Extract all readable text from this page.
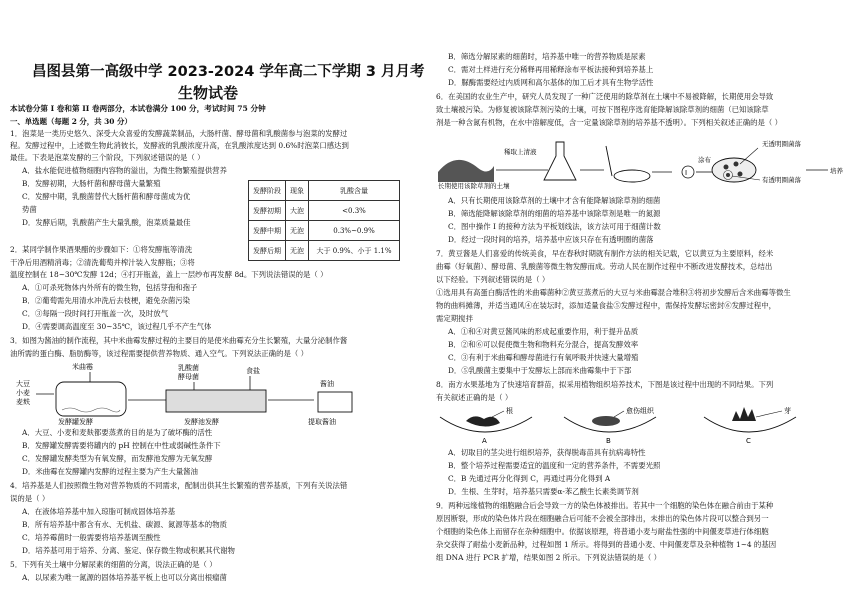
昌图县第一高级中学 2023-2024 学年高二下学期 3 月月考
生物试卷
本试卷分第 I 卷和第 II 卷两部分，本试卷满分 100 分，考试时间 75 分钟
一、单选题（每题 2 分，共 30 分）
1．泡菜是一类历史悠久、深受大众喜爱的发酵蔬菜制品，大肠杆菌、酵母菌和乳酸菌参与泡菜的发酵过
程。发酵过程中，上述微生物此消彼长，发酵液的乳酸浓度升高，在乳酸浓度达到 0.6%时泡菜口感达到
最佳。下表是泡菜发酵的三个阶段，下列叙述错误的是（ ）
A．盐水能促进植物细胞内容物的溢出，为微生物繁殖提供营养
B．发酵初期，大肠杆菌和酵母菌大量繁殖
C．发酵中期，乳酸菌替代大肠杆菌和酵母菌成为优
势菌
D．发酵后期，乳酸菌产生大量乳酸，泡菜质量最佳
2．某同学制作果酒果醋的步骤如下：①将发酵瓶等清洗
干净后用酒精消毒；②清洗葡萄并榨汁装入发酵瓶；③将
温度控制在 18~30℃发酵 12d；④打开瓶盖，盖上一层纱布再发酵 8d。下列说法错误的是（ ）
A．①可杀死物体内外所有的微生物，包括芽孢和孢子
B．②葡萄需先用清水冲洗后去枝梗，避免杂菌污染
C．③每隔一段时间打开瓶盖一次，及时放气
D．④需要调高温度至 30~35℃，该过程几乎不产生气体
3．如图为酱油的制作流程，其中米曲霉发酵过程的主要目的是使米曲霉充分生长繁殖，大量分泌制作酱
油所需的蛋白酶、脂肪酶等，该过程需要提供营养物质、通入空气。下列说法正确的是（ ）
发酵阶段	现象	乳酸含量
发酵初期	大泡	<0.3%
发酵中期	无泡	0.3%~0.9%
发酵后期	无泡	大于 0.9%、小于 1.1%
米曲霉
大豆
小麦
麦麸
发酵罐发酵
乳酸菌
酵母菌
食盐
发酵池发酵
酱油
提取酱油
A．大豆、小麦和麦麸都要蒸煮的目的是为了破坏酶的活性
B．发酵罐发酵需要将罐内的 pH 控制在中性或弱碱性条件下
C．发酵罐发酵类型为有氧发酵，而发酵池发酵为无氧发酵
D．米曲霉在发酵罐内发酵的过程主要为产生大量酱油
4．培养基是人们按照微生物对营养物质的不同需求，配制出供其生长繁殖的营养基质，下列有关说法错
误的是（ ）
A．在液体培养基中加入琼脂可制成固体培养基
B．所有培养基中都含有水、无机盐、碳源、氮源等基本的物质
C．培养霉菌时一般需要将培养基调至酸性
D．培养基可用于培养、分离、鉴定、保存微生物或积累其代谢物
5．下列有关土壤中分解尿素的细菌的分离，说法正确的是（ ）
A．以尿素为唯一氮源的固体培养基平板上也可以分离出根瘤菌
B．筛选分解尿素的细菌时，培养基中唯一的营养物质是尿素
C．需对土样进行充分稀释再用稀释涂布平板法接种到培养基上
D．脲酶需要经过内质网和高尔基体的加工后才具有生物学活性
6．在美国的农业生产中，研究人员发现了一种广泛使用的除草剂在土壤中不易被降解，长期使用会导致
致土壤被污染。为修复被该除草剂污染的土壤，可按下图程序选育能降解该除草剂的细菌（已知该除草
剂是一种含氮有机物，在水中溶解度低，含一定量该除草剂的培养基不透明）。下列相关叙述正确的是（ ）
长期使用该除草剂的土壤
稀取上清液
Ⅰ
涂布
无透明圈菌落
有透明圈菌落
培养
A．只有长期使用该除草剂的土壤中才含有能降解该除草剂的细菌
B．筛选能降解该除草剂的细菌的培养基中该除草剂是唯一的氮源
C．图中操作 I 的接种方法为平板划线法，该方法可用于细菌计数
D．经过一段时间的培养，培养基中应该只存在有透明圈的菌落
7．黄豆酱是人们喜爱的传统美食，早在春秋时期就有制作方法的相关记载，它以黄豆为主要原料，经米
曲霉（好氧菌）、酵母菌、乳酸菌等微生物发酵而成。劳动人民在制作过程中不断改进发酵技术，总结出
以下经验。下列叙述错误的是（ ）
①选用具有高蛋白酶活性的米曲霉菌种②黄豆蒸煮后的大豆与米曲霉混合堆积③将初步发酵后含米曲霉等微生
物的曲料摊薄，并适当通风④在装坛时，添加适量食盐⑤发酵过程中，需保持发酵坛密封⑥发酵过程中，
需定期搅拌
A．①和④对黄豆酱风味的形成起重要作用，利于提升品质
B．②和⑥可以促使微生物和物料充分混合，提高发酵效率
C．③有利于米曲霉和酵母菌进行有氧呼吸并快速大量增殖
D．⑤乳酸菌主要集中于发酵坛上部而米曲霉集中于下部
8．南方水果基地为了快速培育群苗，拟采用植物组织培养技术，下图是该过程中出现的不同结果。下列
有关叙述正确的是（ ）
根
A
愈伤组织
B
芽
C
A．切取目的茎尖进行组织培养，获得脱毒苗具有抗病毒特性
B．整个培养过程需要适宜的温度和一定的营养条件，不需要光照
C．B 先通过再分化得到 C，再通过再分化得到 A
D．生根、生芽时，培养基只需要α-苯乙酸生长素类调节剂
9．两种远缘植物的细胞融合后会导致一方的染色体被排出。若其中一个细胞的染色体在融合前由于某种
原因断裂，形成的染色体片段在细胞融合后可能不会被全部排出，未排出的染色体片段可以整合到另一
个细胞的染色体上而留存在杂种细胞中。依据该原理，将普通小麦与耐盐性强的中间偃麦草进行体细胞
杂交获得了耐盐小麦新品种，过程如图 1 所示。将得到的普通小麦、中间偃麦草及杂种植物 1~4 的基因
组 DNA 进行 PCR 扩增，结果如图 2 所示。下列说法错误的是（ ）
